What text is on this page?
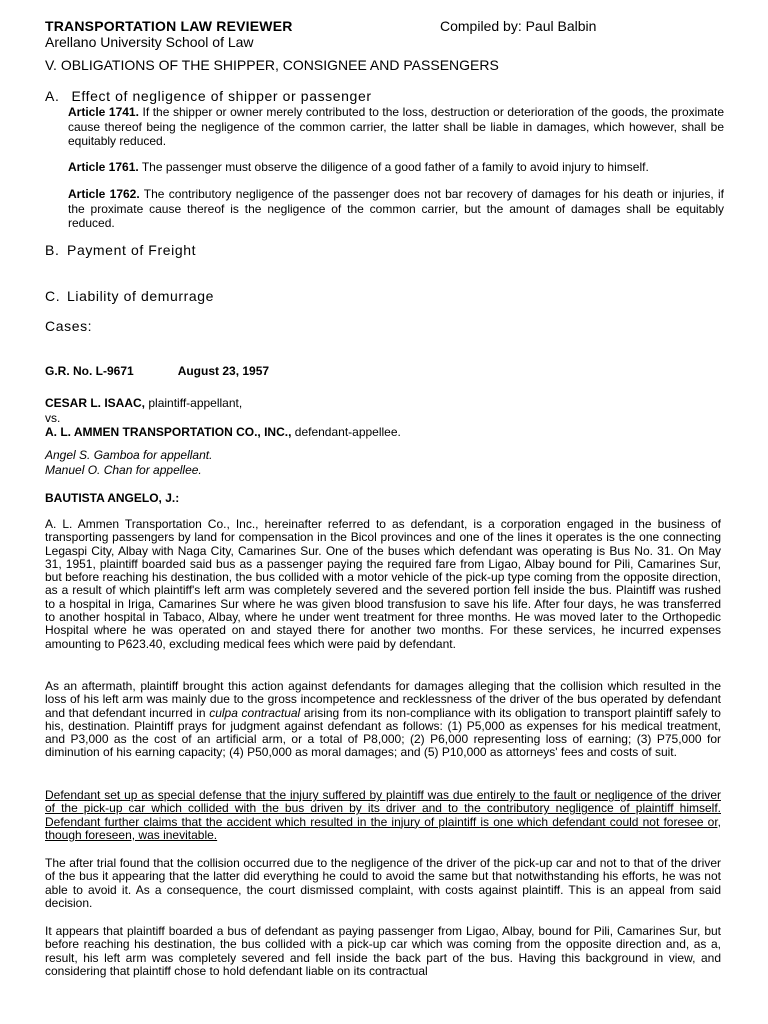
TRANSPORTATION LAW REVIEWER	Compiled by: Paul Balbin
Arellano University School of Law
V. OBLIGATIONS OF THE SHIPPER, CONSIGNEE AND PASSENGERS
A. Effect of negligence of shipper or passenger
Article 1741. If the shipper or owner merely contributed to the loss, destruction or deterioration of the goods, the proximate cause thereof being the negligence of the common carrier, the latter shall be liable in damages, which however, shall be equitably reduced.
Article 1761. The passenger must observe the diligence of a good father of a family to avoid injury to himself.
Article 1762. The contributory negligence of the passenger does not bar recovery of damages for his death or injuries, if the proximate cause thereof is the negligence of the common carrier, but the amount of damages shall be equitably reduced.
B. Payment of Freight
C. Liability of demurrage
Cases:
G.R. No. L-9671	August 23, 1957
CESAR L. ISAAC, plaintiff-appellant,
vs.
A. L. AMMEN TRANSPORTATION CO., INC., defendant-appellee.
Angel S. Gamboa for appellant.
Manuel O. Chan for appellee.
BAUTISTA ANGELO, J.:
A. L. Ammen Transportation Co., Inc., hereinafter referred to as defendant, is a corporation engaged in the business of transporting passengers by land for compensation in the Bicol provinces and one of the lines it operates is the one connecting Legaspi City, Albay with Naga City, Camarines Sur. One of the buses which defendant was operating is Bus No. 31. On May 31, 1951, plaintiff boarded said bus as a passenger paying the required fare from Ligao, Albay bound for Pili, Camarines Sur, but before reaching his destination, the bus collided with a motor vehicle of the pick-up type coming from the opposite direction, as a result of which plaintiff's left arm was completely severed and the severed portion fell inside the bus. Plaintiff was rushed to a hospital in Iriga, Camarines Sur where he was given blood transfusion to save his life. After four days, he was transferred to another hospital in Tabaco, Albay, where he under went treatment for three months. He was moved later to the Orthopedic Hospital where he was operated on and stayed there for another two months. For these services, he incurred expenses amounting to P623.40, excluding medical fees which were paid by defendant.
As an aftermath, plaintiff brought this action against defendants for damages alleging that the collision which resulted in the loss of his left arm was mainly due to the gross incompetence and recklessness of the driver of the bus operated by defendant and that defendant incurred in culpa contractual arising from its non-compliance with its obligation to transport plaintiff safely to his, destination. Plaintiff prays for judgment against defendant as follows: (1) P5,000 as expenses for his medical treatment, and P3,000 as the cost of an artificial arm, or a total of P8,000; (2) P6,000 representing loss of earning; (3) P75,000 for diminution of his earning capacity; (4) P50,000 as moral damages; and (5) P10,000 as attorneys' fees and costs of suit.
Defendant set up as special defense that the injury suffered by plaintiff was due entirely to the fault or negligence of the driver of the pick-up car which collided with the bus driven by its driver and to the contributory negligence of plaintiff himself. Defendant further claims that the accident which resulted in the injury of plaintiff is one which defendant could not foresee or, though foreseen, was inevitable.
The after trial found that the collision occurred due to the negligence of the driver of the pick-up car and not to that of the driver of the bus it appearing that the latter did everything he could to avoid the same but that notwithstanding his efforts, he was not able to avoid it. As a consequence, the court dismissed complaint, with costs against plaintiff. This is an appeal from said decision.
It appears that plaintiff boarded a bus of defendant as paying passenger from Ligao, Albay, bound for Pili, Camarines Sur, but before reaching his destination, the bus collided with a pick-up car which was coming from the opposite direction and, as a, result, his left arm was completely severed and fell inside the back part of the bus. Having this background in view, and considering that plaintiff chose to hold defendant liable on its contractual
